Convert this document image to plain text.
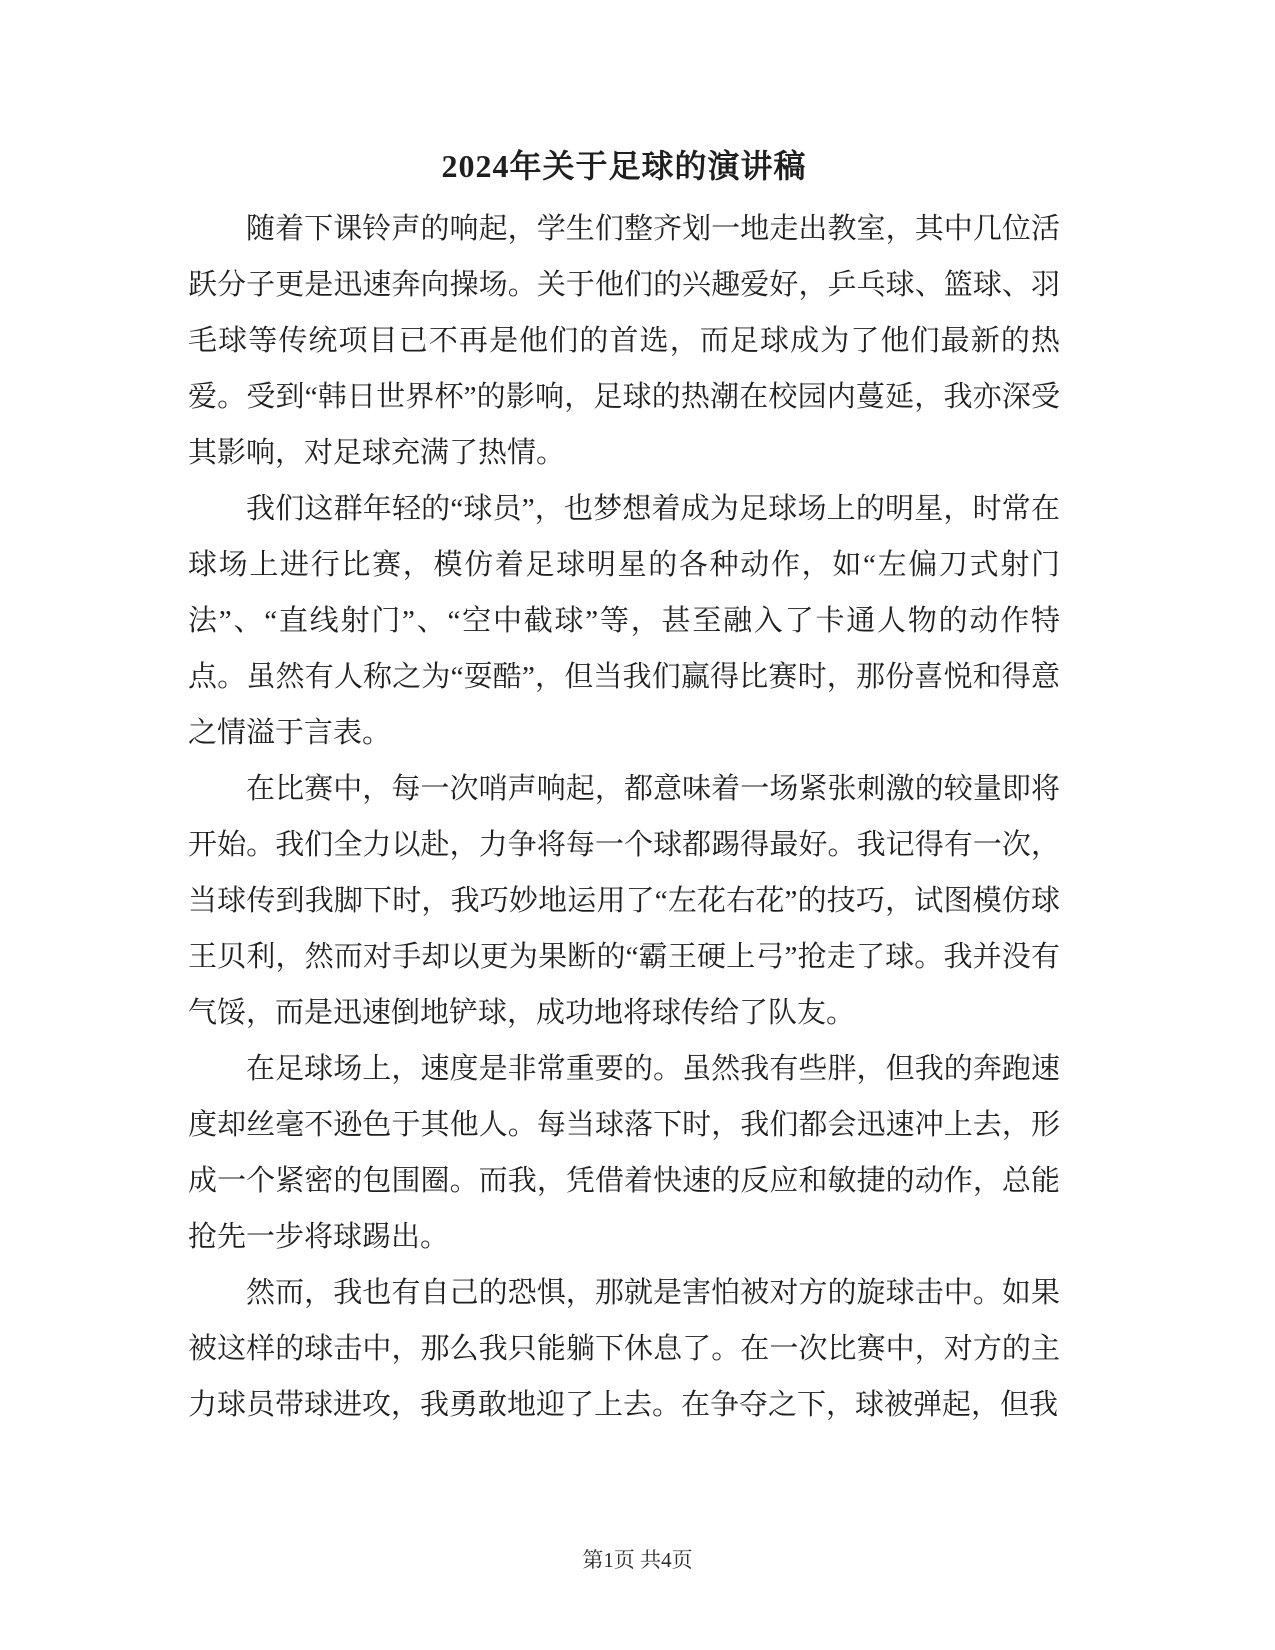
2024年关于足球的演讲稿

随着下课铃声的响起，学生们整齐划一地走出教室，其中几位活跃分子更是迅速奔向操场。关于他们的兴趣爱好，乒乓球、篮球、羽毛球等传统项目已不再是他们的首选，而足球成为了他们最新的热爱。受到“韩日世界杯”的影响，足球的热潮在校园内蔓延，我亦深受其影响，对足球充满了热情。

我们这群年轻的“球员”，也梦想着成为足球场上的明星，时常在球场上进行比赛，模仿着足球明星的各种动作，如“左偏刀式射门法”、“直线射门”、“空中截球”等，甚至融入了卡通人物的动作特点。虽然有人称之为“耍酷”，但当我们赢得比赛时，那份喜悦和得意之情溢于言表。

在比赛中，每一次哨声响起，都意味着一场紧张刺激的较量即将开始。我们全力以赴，力争将每一个球都踢得最好。我记得有一次，当球传到我脚下时，我巧妙地运用了“左花右花”的技巧，试图模仿球王贝利，然而对手却以更为果断的“霸王硬上弓”抢走了球。我并没有气馁，而是迅速倒地铲球，成功地将球传给了队友。

在足球场上，速度是非常重要的。虽然我有些胖，但我的奔跑速度却丝毫不逊色于其他人。每当球落下时，我们都会迅速冲上去，形成一个紧密的包围圈。而我，凭借着快速的反应和敏捷的动作，总能抢先一步将球踢出。

然而，我也有自己的恐惧，那就是害怕被对方的旋球击中。如果被这样的球击中，那么我只能躺下休息了。在一次比赛中，对方的主力球员带球进攻，我勇敢地迎了上去。在争夺之下，球被弹起，但我

第1页 共4页
